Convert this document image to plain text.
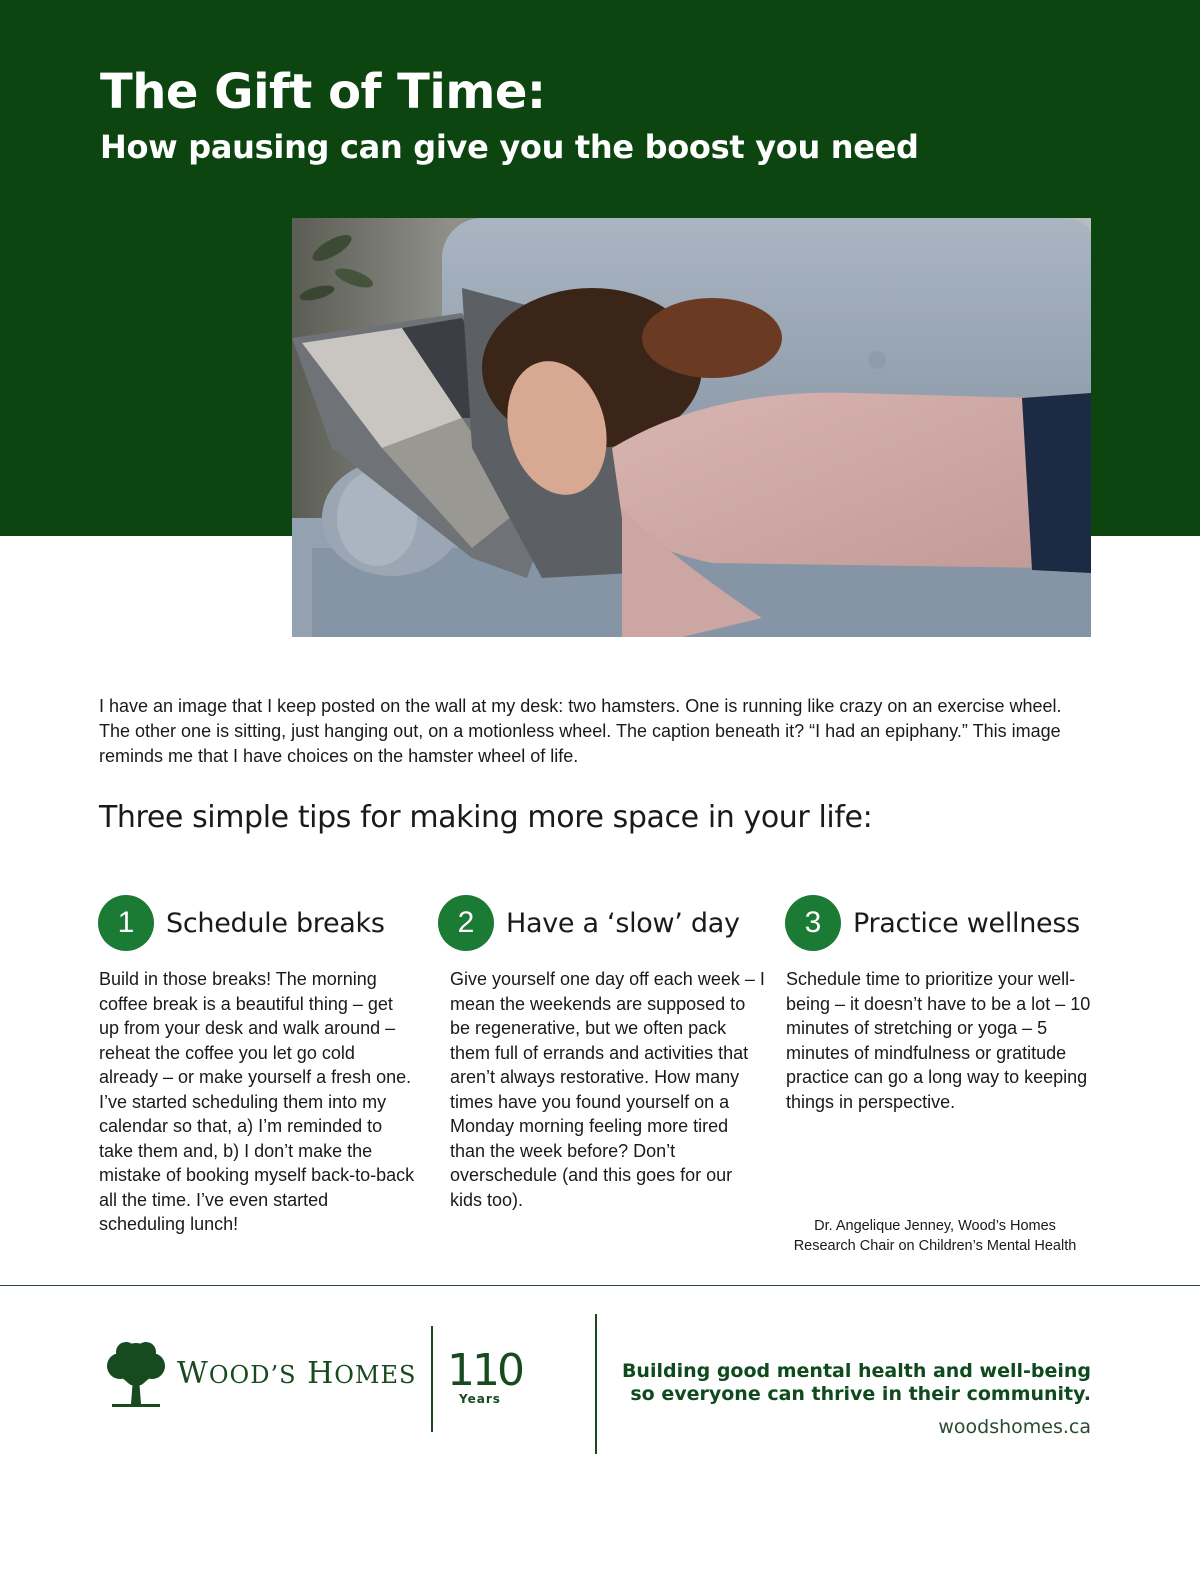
The Gift of Time:
How pausing can give you the boost you need

I have an image that I keep posted on the wall at my desk: two hamsters. One is running like crazy on an exercise wheel. The other one is sitting, just hanging out, on a motionless wheel. The caption beneath it? “I had an epiphany.” This image reminds me that I have choices on the hamster wheel of life.

Three simple tips for making more space in your life:
1	Schedule breaks

Build in those breaks! The morning coffee break is a beautiful thing – get up from your desk and walk around – reheat the coffee you let go cold already – or make yourself a fresh one. I’ve started scheduling them into my calendar so that, a) I’m reminded to take them and, b) I don’t make the mistake of booking myself back-to-back all the time. I’ve even started scheduling lunch!

2	Have a ‘slow’ day

Give yourself one day off each week – I mean the weekends are supposed to be regenerative, but we often pack them full of errands and activities that aren’t always restorative. How many times have you found yourself on a Monday morning feeling more tired than the week before? Don’t overschedule (and this goes for our kids too).

3	Practice wellness

Schedule time to prioritize your well-being – it doesn’t have to be a lot – 10 minutes of stretching or yoga – 5 minutes of mindfulness or gratitude practice can go a long way to keeping things in perspective.

Dr. Angelique Jenney, Wood’s Homes
Research Chair on Children’s Mental Health

WOOD’S HOMES 110

Years

Building good mental health and well-being
so everyone can thrive in their community.

woodshomes.ca
